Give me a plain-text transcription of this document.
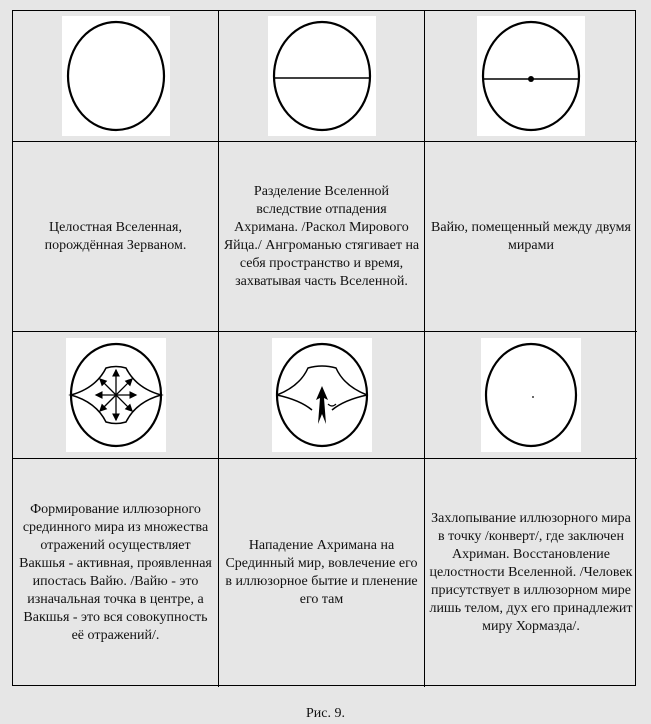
Целостная Вселенная, порождённая Зерваном.
Разделение Вселенной вследствие отпадения Ахримана. /Раскол Мирового Яйца./ Ангроманью стягивает на себя пространство и время, захватывая часть Вселенной.
Вайю, помещенный между двумя мирами
Формирование иллюзорного срединного мира из множества отражений осуществляет Вакшья - активная, проявленная ипостась Вайю. /Вайю - это изначальная точка в центре, а Вакшья - это вся совокупность её отражений/.
Нападение Ахримана на Срединный мир, вовлечение его в иллюзорное бытие и пленение его там
Захлопывание иллюзорного мира в точку /конверт/, где заключен Ахриман. Восстановление целостности Вселенной. /Человек присутствует в иллюзорном мире лишь телом, дух его принадлежит миру Хормазда/.
Рис. 9.
